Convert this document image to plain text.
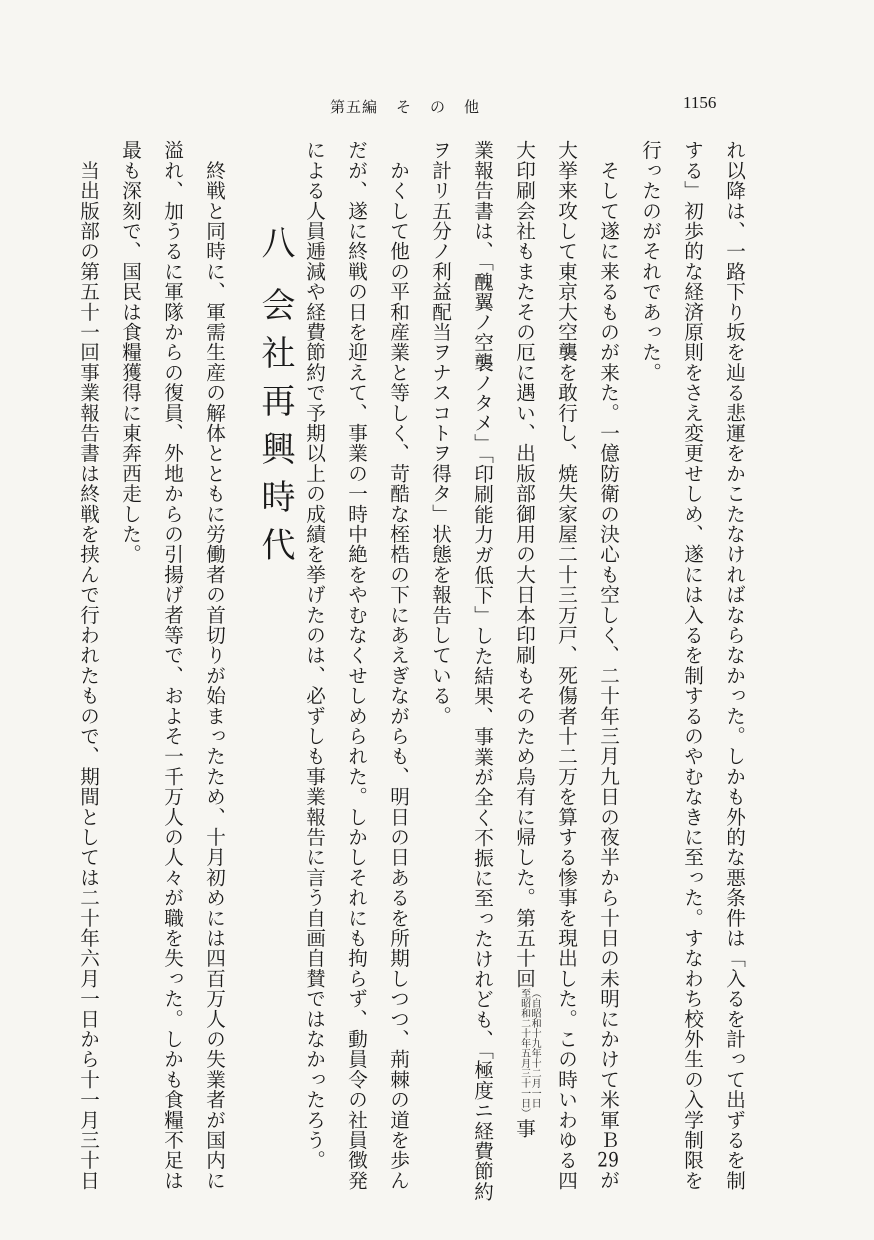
第五編 そ の 他	1156
れ以降は、一路下り坂を辿る悲運をかこたなければならなかった。しかも外的な悪条件は「入るを計って出ずるを制
する」初歩的な経済原則をさえ変更せしめ、遂には入るを制するのやむなきに至った。すなわち校外生の入学制限を
行ったのがそれであった。
　そして遂に来るものが来た。一億防衛の決心も空しく、二十年三月九日の夜半から十日の未明にかけて米軍Ｂ29が
大挙来攻して東京大空襲を敢行し、焼失家屋二十三万戸、死傷者十二万を算する惨事を現出した。この時いわゆる四
大印刷会社もまたその厄に遇い、出版部御用の大日本印刷もそのため烏有に帰した。第五十回（自昭和十九年十二月一日
至昭和二十年五月三十一日）事
業報告書は、「醜翼ノ空襲ノタメ」「印刷能力ガ低下」した結果、事業が全く不振に至ったけれども、「極度ニ経費節約
ヲ計リ五分ノ利益配当ヲナスコトヲ得タ」状態を報告している。
　かくして他の平和産業と等しく、苛酷な桎梏の下にあえぎながらも、明日の日あるを所期しつつ、荊棘の道を歩ん
だが、遂に終戦の日を迎えて、事業の一時中絶をやむなくせしめられた。しかしそれにも拘らず、動員令の社員徴発
による人員逓減や経費節約で予期以上の成績を挙げたのは、必ずしも事業報告に言う自画自賛ではなかったろう。
八会社再興時代
　終戦と同時に、軍需生産の解体とともに労働者の首切りが始まったため、十月初めには四百万人の失業者が国内に
溢れ、加うるに軍隊からの復員、外地からの引揚げ者等で、およそ一千万人の人々が職を失った。しかも食糧不足は
最も深刻で、国民は食糧獲得に東奔西走した。
　当出版部の第五十一回事業報告書は終戦を挟んで行われたもので、期間としては二十年六月一日から十一月三十日
